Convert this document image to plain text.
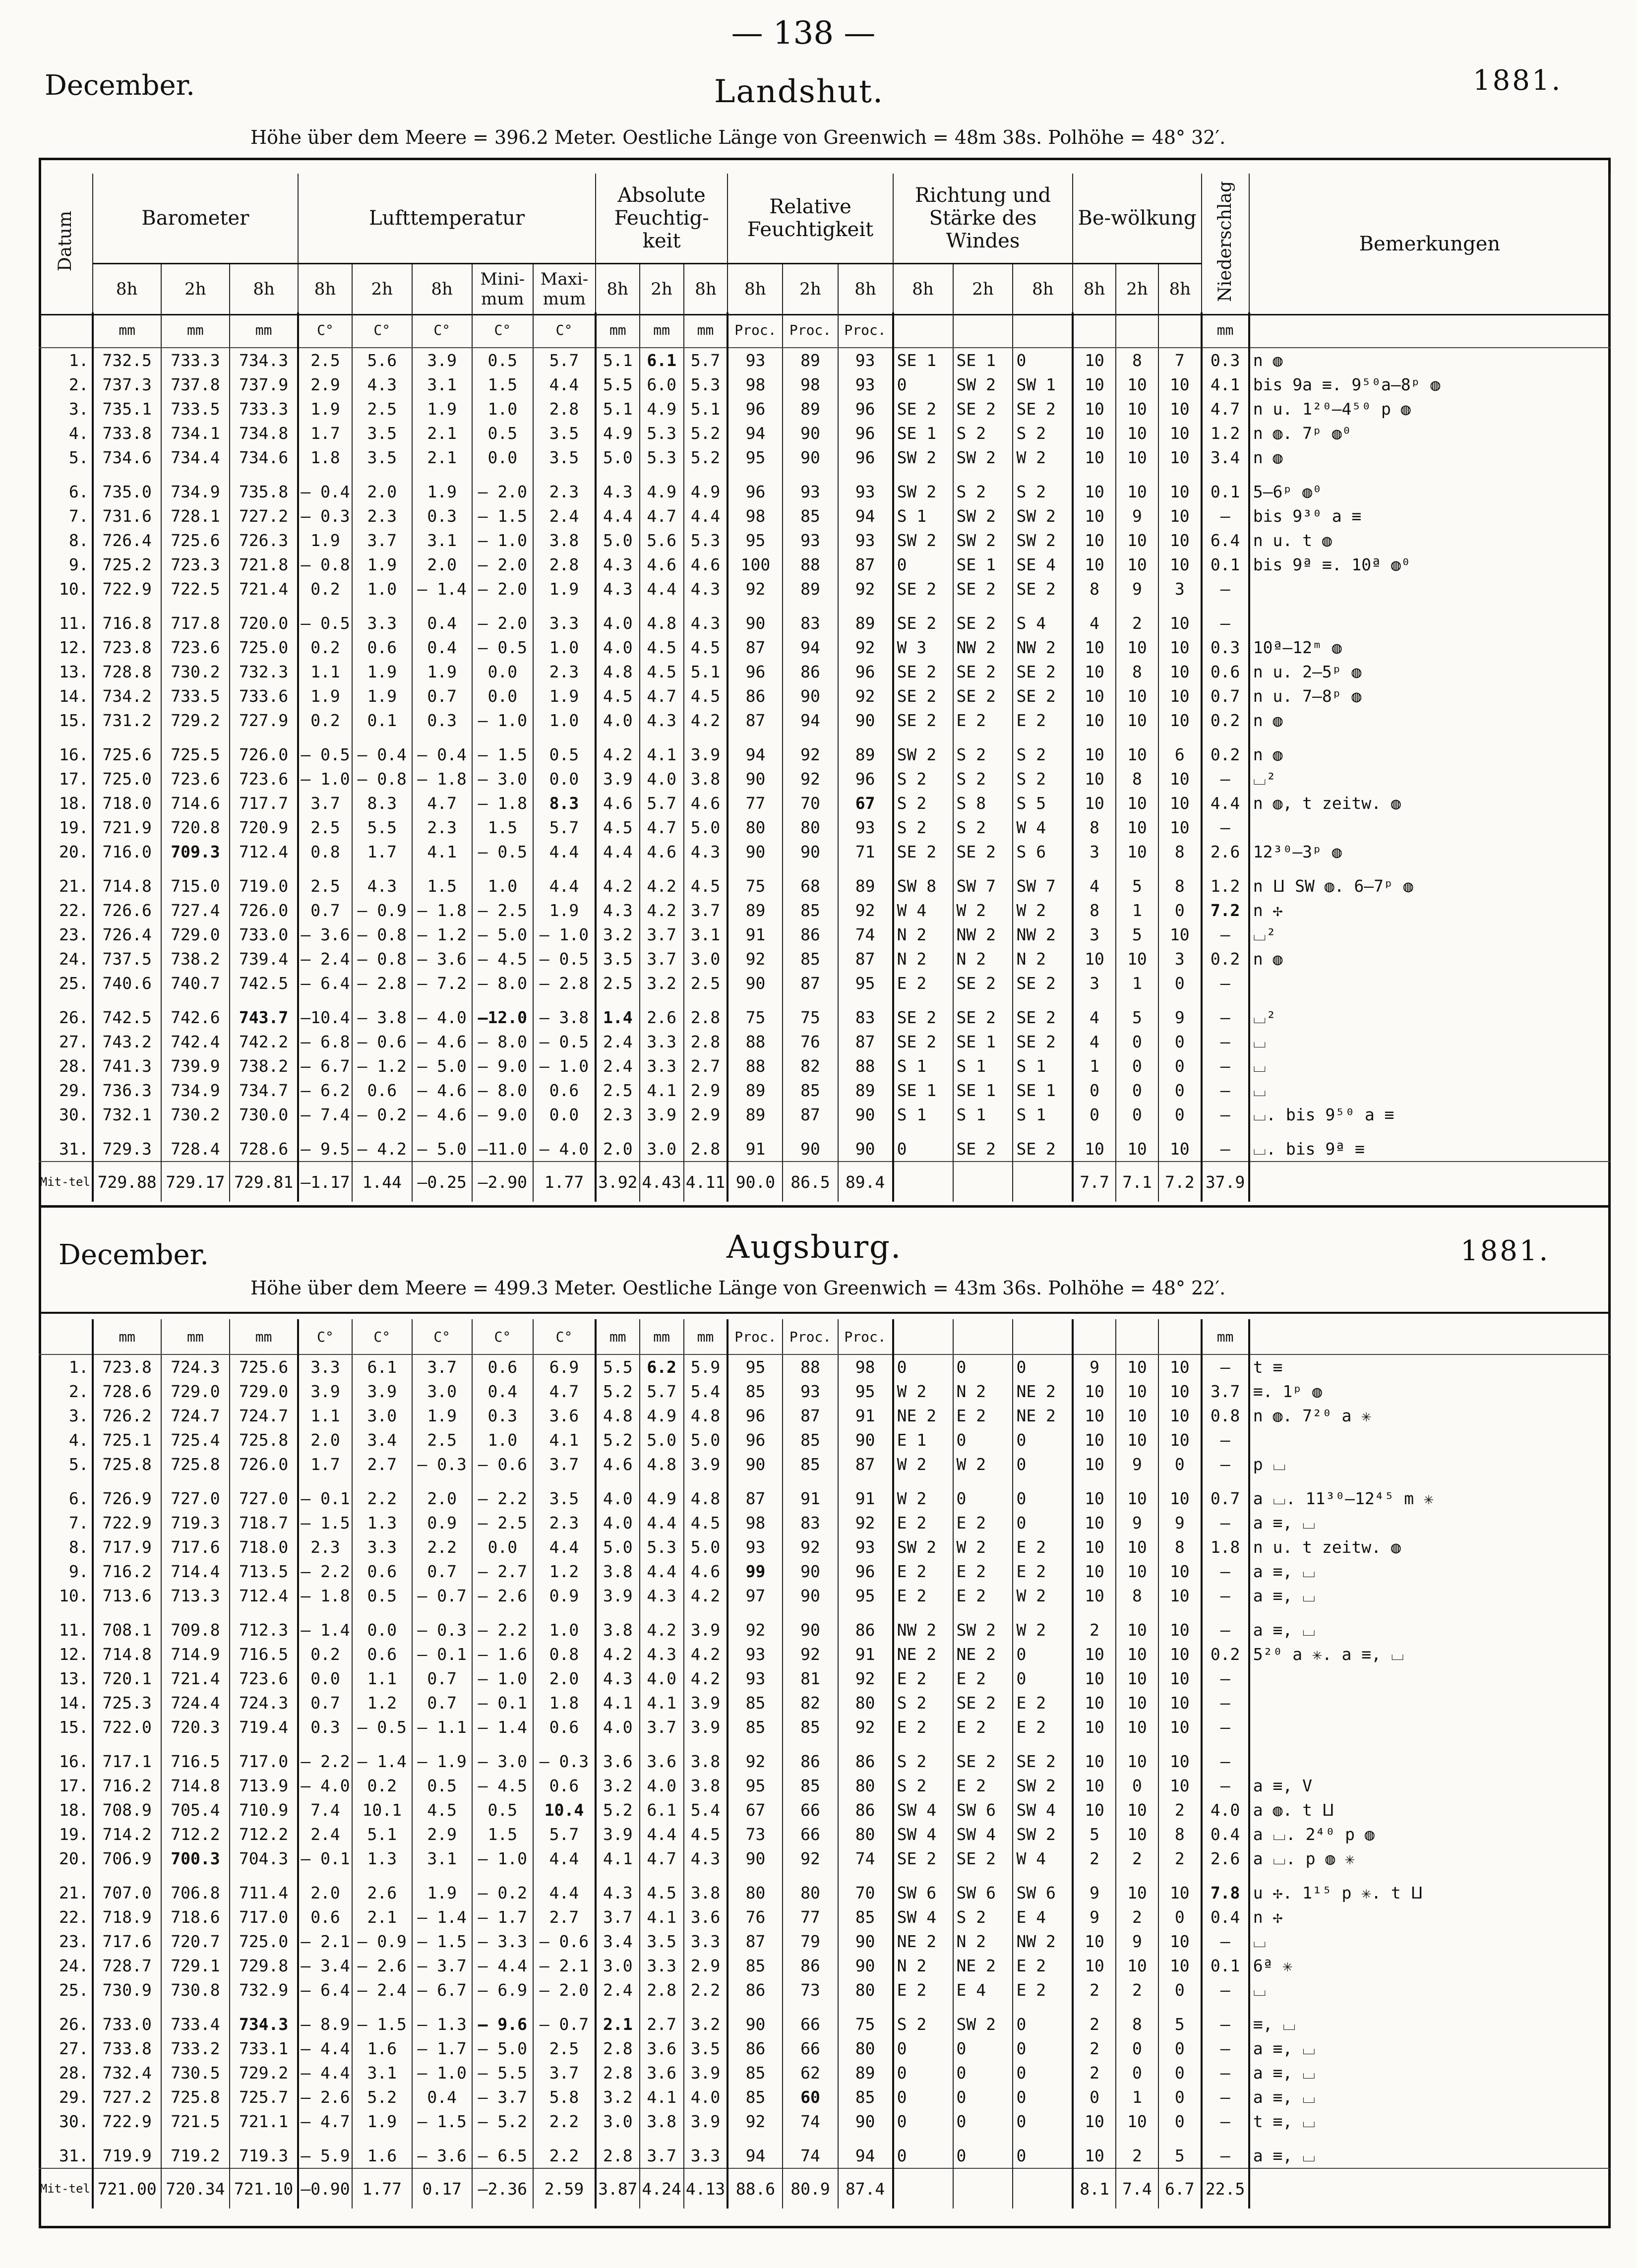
— 138 —
December.	Landshut.	1881.
Höhe über dem Meere = 396.2 Meter. Oestliche Länge von Greenwich = 48m 38s. Polhöhe = 48° 32′.
Datum	Barometer			Lufttemperatur					Absolute Feuchtig-keit			Relative Feuchtigkeit			Richtung und Stärke des Windes			Be-wölkung			Niederschlag	Bemerkungen
	8h	2h	8h	8h	2h	8h	Mini-mum	Maxi-mum	8h	2h	8h	8h	2h	8h	8h	2h	8h	8h	2h	8h		
	mm	mm	mm	C°	C°	C°	C°	C°	mm	mm	mm	Proc.	Proc.	Proc.							mm	
1.	732.5	733.3	734.3	2.5	5.6	3.9	0.5	5.7	5.1	6.1	5.7	93	89	93	SE 1	SE 1	0	10	8	7	0.3	n ◍
2.	737.3	737.8	737.9	2.9	4.3	3.1	1.5	4.4	5.5	6.0	5.3	98	98	93	0	SW 2	SW 1	10	10	10	4.1	bis 9a ≡. 9⁵⁰a–8ᵖ ◍
3.	735.1	733.5	733.3	1.9	2.5	1.9	1.0	2.8	5.1	4.9	5.1	96	89	96	SE 2	SE 2	SE 2	10	10	10	4.7	n u. 1²⁰–4⁵⁰ p ◍
4.	733.8	734.1	734.8	1.7	3.5	2.1	0.5	3.5	4.9	5.3	5.2	94	90	96	SE 1	S 2	S 2	10	10	10	1.2	n ◍. 7ᵖ ◍⁰
5.	734.6	734.4	734.6	1.8	3.5	2.1	0.0	3.5	5.0	5.3	5.2	95	90	96	SW 2	SW 2	W 2	10	10	10	3.4	n ◍
6.	735.0	734.9	735.8	– 0.4	2.0	1.9	– 2.0	2.3	4.3	4.9	4.9	96	93	93	SW 2	S 2	S 2	10	10	10	0.1	5–6ᵖ ◍⁰
7.	731.6	728.1	727.2	– 0.3	2.3	0.3	– 1.5	2.4	4.4	4.7	4.4	98	85	94	S 1	SW 2	SW 2	10	9	10	–	bis 9³⁰ a ≡
8.	726.4	725.6	726.3	1.9	3.7	3.1	– 1.0	3.8	5.0	5.6	5.3	95	93	93	SW 2	SW 2	SW 2	10	10	10	6.4	n u. t ◍
9.	725.2	723.3	721.8	– 0.8	1.9	2.0	– 2.0	2.8	4.3	4.6	4.6	100	88	87	0	SE 1	SE 4	10	10	10	0.1	bis 9ª ≡. 10ª ◍⁰
10.	722.9	722.5	721.4	0.2	1.0	– 1.4	– 2.0	1.9	4.3	4.4	4.3	92	89	92	SE 2	SE 2	SE 2	8	9	3	–	
11.	716.8	717.8	720.0	– 0.5	3.3	0.4	– 2.0	3.3	4.0	4.8	4.3	90	83	89	SE 2	SE 2	S 4	4	2	10	–	
12.	723.8	723.6	725.0	0.2	0.6	0.4	– 0.5	1.0	4.0	4.5	4.5	87	94	92	W 3	NW 2	NW 2	10	10	10	0.3	10ª–12ᵐ ◍
13.	728.8	730.2	732.3	1.1	1.9	1.9	0.0	2.3	4.8	4.5	5.1	96	86	96	SE 2	SE 2	SE 2	10	8	10	0.6	n u. 2–5ᵖ ◍
14.	734.2	733.5	733.6	1.9	1.9	0.7	0.0	1.9	4.5	4.7	4.5	86	90	92	SE 2	SE 2	SE 2	10	10	10	0.7	n u. 7–8ᵖ ◍
15.	731.2	729.2	727.9	0.2	0.1	0.3	– 1.0	1.0	4.0	4.3	4.2	87	94	90	SE 2	E 2	E 2	10	10	10	0.2	n ◍
16.	725.6	725.5	726.0	– 0.5	– 0.4	– 0.4	– 1.5	0.5	4.2	4.1	3.9	94	92	89	SW 2	S 2	S 2	10	10	6	0.2	n ◍
17.	725.0	723.6	723.6	– 1.0	– 0.8	– 1.8	– 3.0	0.0	3.9	4.0	3.8	90	92	96	S 2	S 2	S 2	10	8	10	–	⌴²
18.	718.0	714.6	717.7	3.7	8.3	4.7	– 1.8	8.3	4.6	5.7	4.6	77	70	67	S 2	S 8	S 5	10	10	10	4.4	n ◍, t zeitw. ◍
19.	721.9	720.8	720.9	2.5	5.5	2.3	1.5	5.7	4.5	4.7	5.0	80	80	93	S 2	S 2	W 4	8	10	10	–	
20.	716.0	709.3	712.4	0.8	1.7	4.1	– 0.5	4.4	4.4	4.6	4.3	90	90	71	SE 2	SE 2	S 6	3	10	8	2.6	12³⁰–3ᵖ ◍
21.	714.8	715.0	719.0	2.5	4.3	1.5	1.0	4.4	4.2	4.2	4.5	75	68	89	SW 8	SW 7	SW 7	4	5	8	1.2	n ⵡ SW ◍. 6–7ᵖ ◍
22.	726.6	727.4	726.0	0.7	– 0.9	– 1.8	– 2.5	1.9	4.3	4.2	3.7	89	85	92	W 4	W 2	W 2	8	1	0	7.2	n ✢
23.	726.4	729.0	733.0	– 3.6	– 0.8	– 1.2	– 5.0	– 1.0	3.2	3.7	3.1	91	86	74	N 2	NW 2	NW 2	3	5	10	–	⌴²
24.	737.5	738.2	739.4	– 2.4	– 0.8	– 3.6	– 4.5	– 0.5	3.5	3.7	3.0	92	85	87	N 2	N 2	N 2	10	10	3	0.2	n ◍
25.	740.6	740.7	742.5	– 6.4	– 2.8	– 7.2	– 8.0	– 2.8	2.5	3.2	2.5	90	87	95	E 2	SE 2	SE 2	3	1	0	–	
26.	742.5	742.6	743.7	–10.4	– 3.8	– 4.0	–12.0	– 3.8	1.4	2.6	2.8	75	75	83	SE 2	SE 2	SE 2	4	5	9	–	⌴²
27.	743.2	742.4	742.2	– 6.8	– 0.6	– 4.6	– 8.0	– 0.5	2.4	3.3	2.8	88	76	87	SE 2	SE 1	SE 2	4	0	0	–	⌴
28.	741.3	739.9	738.2	– 6.7	– 1.2	– 5.0	– 9.0	– 1.0	2.4	3.3	2.7	88	82	88	S 1	S 1	S 1	1	0	0	–	⌴
29.	736.3	734.9	734.7	– 6.2	0.6	– 4.6	– 8.0	0.6	2.5	4.1	2.9	89	85	89	SE 1	SE 1	SE 1	0	0	0	–	⌴
30.	732.1	730.2	730.0	– 7.4	– 0.2	– 4.6	– 9.0	0.0	2.3	3.9	2.9	89	87	90	S 1	S 1	S 1	0	0	0	–	⌴. bis 9⁵⁰ a ≡
31.	729.3	728.4	728.6	– 9.5	– 4.2	– 5.0	–11.0	– 4.0	2.0	3.0	2.8	91	90	90	0	SE 2	SE 2	10	10	10	–	⌴. bis 9ª ≡
Mit-tel	729.88	729.17	729.81	–1.17	1.44	–0.25	–2.90	1.77	3.92	4.43	4.11	90.0	86.5	89.4				7.7	7.1	7.2	37.9	
December.	Augsburg.	1881.
Höhe über dem Meere = 499.3 Meter. Oestliche Länge von Greenwich = 43m 36s. Polhöhe = 48° 22′.
	mm	mm	mm	C°	C°	C°	C°	C°	mm	mm	mm	Proc.	Proc.	Proc.							mm	
1.	723.8	724.3	725.6	3.3	6.1	3.7	0.6	6.9	5.5	6.2	5.9	95	88	98	0	0	0	9	10	10	–	t ≡
2.	728.6	729.0	729.0	3.9	3.9	3.0	0.4	4.7	5.2	5.7	5.4	85	93	95	W 2	N 2	NE 2	10	10	10	3.7	≡. 1ᵖ ◍
3.	726.2	724.7	724.7	1.1	3.0	1.9	0.3	3.6	4.8	4.9	4.8	96	87	91	NE 2	E 2	NE 2	10	10	10	0.8	n ◍. 7²⁰ a ✳
4.	725.1	725.4	725.8	2.0	3.4	2.5	1.0	4.1	5.2	5.0	5.0	96	85	90	E 1	0	0	10	10	10	–	
5.	725.8	725.8	726.0	1.7	2.7	– 0.3	– 0.6	3.7	4.6	4.8	3.9	90	85	87	W 2	W 2	0	10	9	0	–	p ⌴
6.	726.9	727.0	727.0	– 0.1	2.2	2.0	– 2.2	3.5	4.0	4.9	4.8	87	91	91	W 2	0	0	10	10	10	0.7	a ⌴. 11³⁰–12⁴⁵ m ✳
7.	722.9	719.3	718.7	– 1.5	1.3	0.9	– 2.5	2.3	4.0	4.4	4.5	98	83	92	E 2	E 2	0	10	9	9	–	a ≡, ⌴
8.	717.9	717.6	718.0	2.3	3.3	2.2	0.0	4.4	5.0	5.3	5.0	93	92	93	SW 2	W 2	E 2	10	10	8	1.8	n u. t zeitw. ◍
9.	716.2	714.4	713.5	– 2.2	0.6	0.7	– 2.7	1.2	3.8	4.4	4.6	99	90	96	E 2	E 2	E 2	10	10	10	–	a ≡, ⌴
10.	713.6	713.3	712.4	– 1.8	0.5	– 0.7	– 2.6	0.9	3.9	4.3	4.2	97	90	95	E 2	E 2	W 2	10	8	10	–	a ≡, ⌴
11.	708.1	709.8	712.3	– 1.4	0.0	– 0.3	– 2.2	1.0	3.8	4.2	3.9	92	90	86	NW 2	SW 2	W 2	2	10	10	–	a ≡, ⌴
12.	714.8	714.9	716.5	0.2	0.6	– 0.1	– 1.6	0.8	4.2	4.3	4.2	93	92	91	NE 2	NE 2	0	10	10	10	0.2	5²⁰ a ✳. a ≡, ⌴
13.	720.1	721.4	723.6	0.0	1.1	0.7	– 1.0	2.0	4.3	4.0	4.2	93	81	92	E 2	E 2	0	10	10	10	–	
14.	725.3	724.4	724.3	0.7	1.2	0.7	– 0.1	1.8	4.1	4.1	3.9	85	82	80	S 2	SE 2	E 2	10	10	10	–	
15.	722.0	720.3	719.4	0.3	– 0.5	– 1.1	– 1.4	0.6	4.0	3.7	3.9	85	85	92	E 2	E 2	E 2	10	10	10	–	
16.	717.1	716.5	717.0	– 2.2	– 1.4	– 1.9	– 3.0	– 0.3	3.6	3.6	3.8	92	86	86	S 2	SE 2	SE 2	10	10	10	–	
17.	716.2	714.8	713.9	– 4.0	0.2	0.5	– 4.5	0.6	3.2	4.0	3.8	95	85	80	S 2	E 2	SW 2	10	0	10	–	a ≡, V
18.	708.9	705.4	710.9	7.4	10.1	4.5	0.5	10.4	5.2	6.1	5.4	67	66	86	SW 4	SW 6	SW 4	10	10	2	4.0	a ◍. t ⵡ
19.	714.2	712.2	712.2	2.4	5.1	2.9	1.5	5.7	3.9	4.4	4.5	73	66	80	SW 4	SW 4	SW 2	5	10	8	0.4	a ⌴. 2⁴⁰ p ◍
20.	706.9	700.3	704.3	– 0.1	1.3	3.1	– 1.0	4.4	4.1	4.7	4.3	90	92	74	SE 2	SE 2	W 4	2	2	2	2.6	a ⌴. p ◍ ✳
21.	707.0	706.8	711.4	2.0	2.6	1.9	– 0.2	4.4	4.3	4.5	3.8	80	80	70	SW 6	SW 6	SW 6	9	10	10	7.8	u ✢. 1¹⁵ p ✳. t ⵡ
22.	718.9	718.6	717.0	0.6	2.1	– 1.4	– 1.7	2.7	3.7	4.1	3.6	76	77	85	SW 4	S 2	E 4	9	2	0	0.4	n ✢
23.	717.6	720.7	725.0	– 2.1	– 0.9	– 1.5	– 3.3	– 0.6	3.4	3.5	3.3	87	79	90	NE 2	N 2	NW 2	10	9	10	–	⌴
24.	728.7	729.1	729.8	– 3.4	– 2.6	– 3.7	– 4.4	– 2.1	3.0	3.3	2.9	85	86	90	N 2	NE 2	E 2	10	10	10	0.1	6ª ✳
25.	730.9	730.8	732.9	– 6.4	– 2.4	– 6.7	– 6.9	– 2.0	2.4	2.8	2.2	86	73	80	E 2	E 4	E 2	2	2	0	–	⌴
26.	733.0	733.4	734.3	– 8.9	– 1.5	– 1.3	– 9.6	– 0.7	2.1	2.7	3.2	90	66	75	S 2	SW 2	0	2	8	5	–	≡, ⌴
27.	733.8	733.2	733.1	– 4.4	1.6	– 1.7	– 5.0	2.5	2.8	3.6	3.5	86	66	80	0	0	0	2	0	0	–	a ≡, ⌴
28.	732.4	730.5	729.2	– 4.4	3.1	– 1.0	– 5.5	3.7	2.8	3.6	3.9	85	62	89	0	0	0	2	0	0	–	a ≡, ⌴
29.	727.2	725.8	725.7	– 2.6	5.2	0.4	– 3.7	5.8	3.2	4.1	4.0	85	60	85	0	0	0	0	1	0	–	a ≡, ⌴
30.	722.9	721.5	721.1	– 4.7	1.9	– 1.5	– 5.2	2.2	3.0	3.8	3.9	92	74	90	0	0	0	10	10	0	–	t ≡, ⌴
31.	719.9	719.2	719.3	– 5.9	1.6	– 3.6	– 6.5	2.2	2.8	3.7	3.3	94	74	94	0	0	0	10	2	5	–	a ≡, ⌴
Mit-tel	721.00	720.34	721.10	–0.90	1.77	0.17	–2.36	2.59	3.87	4.24	4.13	88.6	80.9	87.4				8.1	7.4	6.7	22.5	
